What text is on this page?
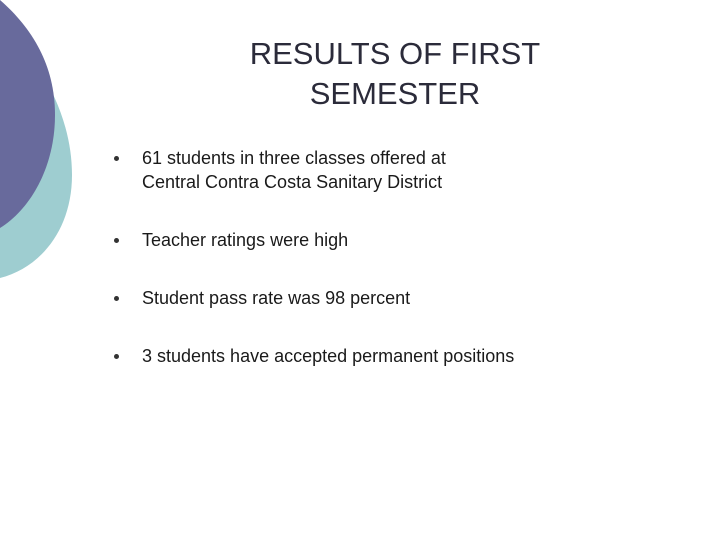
RESULTS OF FIRST
SEMESTER
61 students in three classes offered at
Central Contra Costa Sanitary District
Teacher ratings were high
Student pass rate was 98 percent
3 students have accepted permanent positions
